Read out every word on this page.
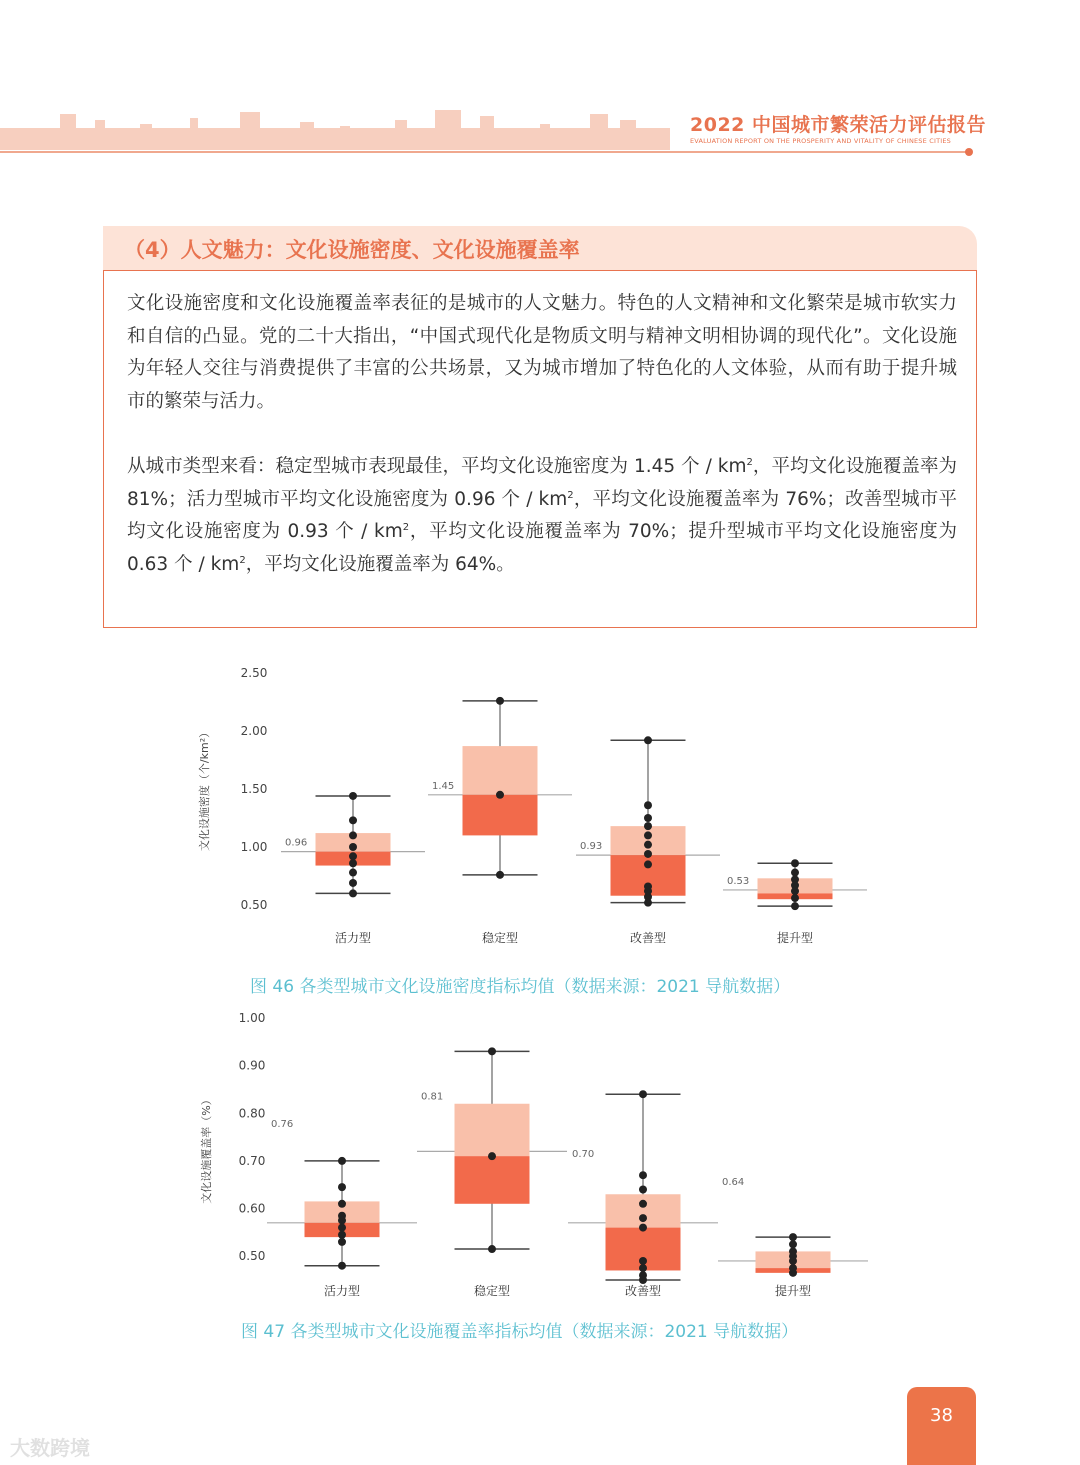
2022 中国城市繁荣活力评估报告
EVALUATION REPORT ON THE PROSPERITY AND VITALITY OF CHINESE CITIES
（4）人文魅力：文化设施密度、文化设施覆盖率
文化设施密度和文化设施覆盖率表征的是城市的人文魅力。特色的人文精神和文化繁荣是城市软实力和自信的凸显。党的二十大指出，“中国式现代化是物质文明与精神文明相协调的现代化”。文化设施为年轻人交往与消费提供了丰富的公共场景，又为城市增加了特色化的人文体验，从而有助于提升城市的繁荣与活力。
从城市类型来看：稳定型城市表现最佳，平均文化设施密度为 1.45 个 / $km^2$，平均文化设施覆盖率为 81%；活力型城市平均文化设施密度为 0.96 个 / $km^2$，平均文化设施覆盖率为 76%；改善型城市平均文化设施密度为 0.93 个 / $km^2$，平均文化设施覆盖率为 70%；提升型城市平均文化设施密度为 0.63 个 / $km^2$，平均文化设施覆盖率为 64%。
0.50
1.00
1.50
2.00
2.50
文化设施密度（个/km²）	0.96
活力型
1.45
稳定型
0.93
改善型
0.53
提升型
图 46 各类型城市文化设施密度指标均值（数据来源：2021 导航数据）
0.50
0.60
0.70
0.80
0.90
1.00
文化设施覆盖率（%）	0.76
活力型
0.81
稳定型
0.70
改善型
0.64
提升型
图 47 各类型城市文化设施覆盖率指标均值（数据来源：2021 导航数据）
38
大数跨境
